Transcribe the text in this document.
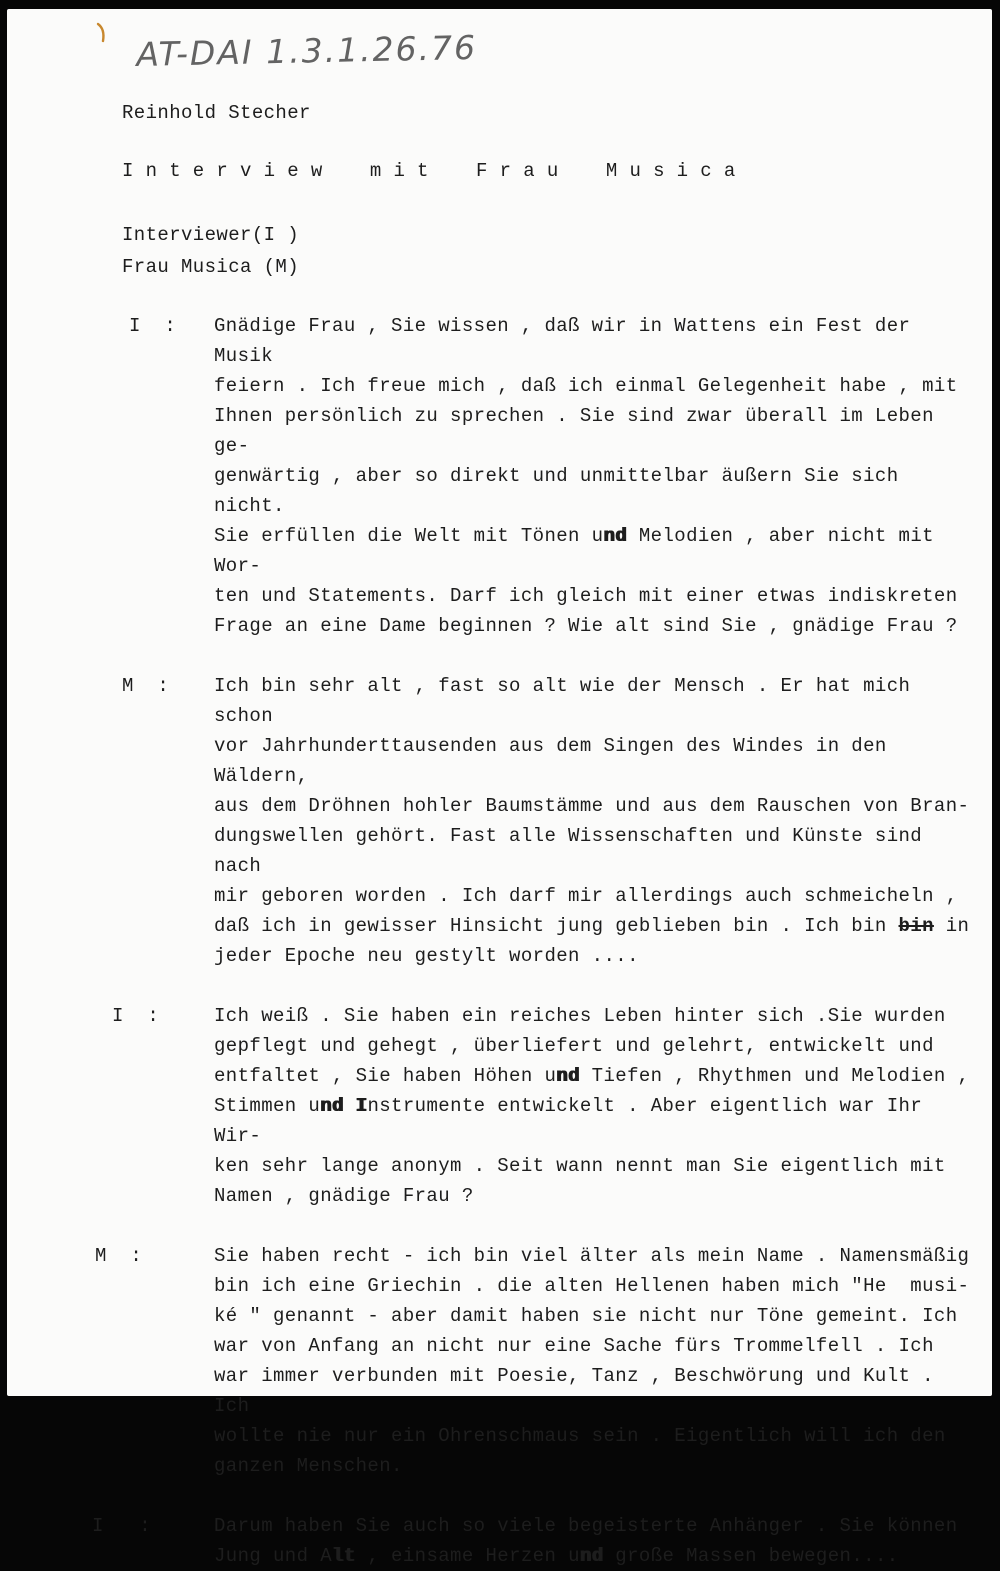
AT-DAI 1.3.1.26.76
Reinhold Stecher
I n t e r v i e w    m i t    F r a u    M u s i c a
Interviewer(I )
Frau Musica (M)
I  :	Gnädige Frau , Sie wissen , daß wir in Wattens ein Fest der Musik
feiern . Ich freue mich , daß ich einmal Gelegenheit habe , mit
Ihnen persönlich zu sprechen . Sie sind zwar überall im Leben ge-
genwärtig , aber so direkt und unmittelbar äußern Sie sich nicht.
Sie erfüllen die Welt mit Tönen und Melodien , aber nicht mit Wor-
ten und Statements. Darf ich gleich mit einer etwas indiskreten
Frage an eine Dame beginnen ? Wie alt sind Sie , gnädige Frau ?
M  :	Ich bin sehr alt , fast so alt wie der Mensch . Er hat mich schon
vor Jahrhunderttausenden aus dem Singen des Windes in den Wäldern,
aus dem Dröhnen hohler Baumstämme und aus dem Rauschen von Bran-
dungswellen gehört. Fast alle Wissenschaften und Künste sind nach
mir geboren worden . Ich darf mir allerdings auch schmeicheln ,
daß ich in gewisser Hinsicht jung geblieben bin . Ich bin bin in
jeder Epoche neu gestylt worden ....
I  :	Ich weiß . Sie haben ein reiches Leben hinter sich .Sie wurden
gepflegt und gehegt , überliefert und gelehrt, entwickelt und
entfaltet , Sie haben Höhen und Tiefen , Rhythmen und Melodien ,
Stimmen und Instrumente entwickelt . Aber eigentlich war Ihr Wir-
ken sehr lange anonym . Seit wann nennt man Sie eigentlich mit
Namen , gnädige Frau ?
M  :	Sie haben recht - ich bin viel älter als mein Name . Namensmäßig
bin ich eine Griechin . die alten Hellenen haben mich "He  musi-
ké " genannt - aber damit haben sie nicht nur Töne gemeint. Ich
war von Anfang an nicht nur eine Sache fürs Trommelfell . Ich
war immer verbunden mit Poesie, Tanz , Beschwörung und Kult . Ich
wollte nie nur ein Ohrenschmaus sein . Eigentlich will ich den
ganzen Menschen.
I   :	Darum haben Sie auch so viele begeisterte Anhänger . Sie können
Jung und Alt , einsame Herzen und große Massen bewegen....
